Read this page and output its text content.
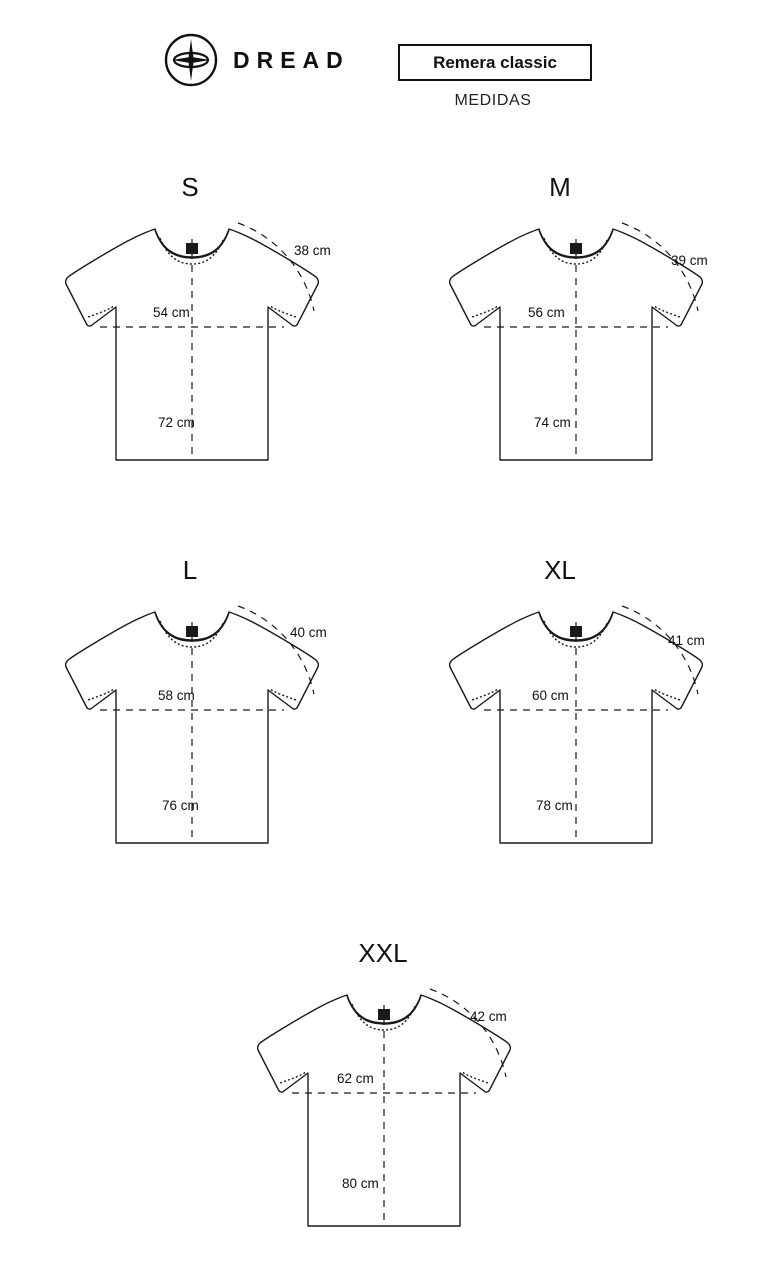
DREAD	Remera classic
MEDIDAS
S
54 cm
72 cm
38 cm
M
56 cm
74 cm
39 cm
L
58 cm
76 cm
40 cm
XL
60 cm
78 cm
41 cm
XXL
62 cm
80 cm
42 cm
